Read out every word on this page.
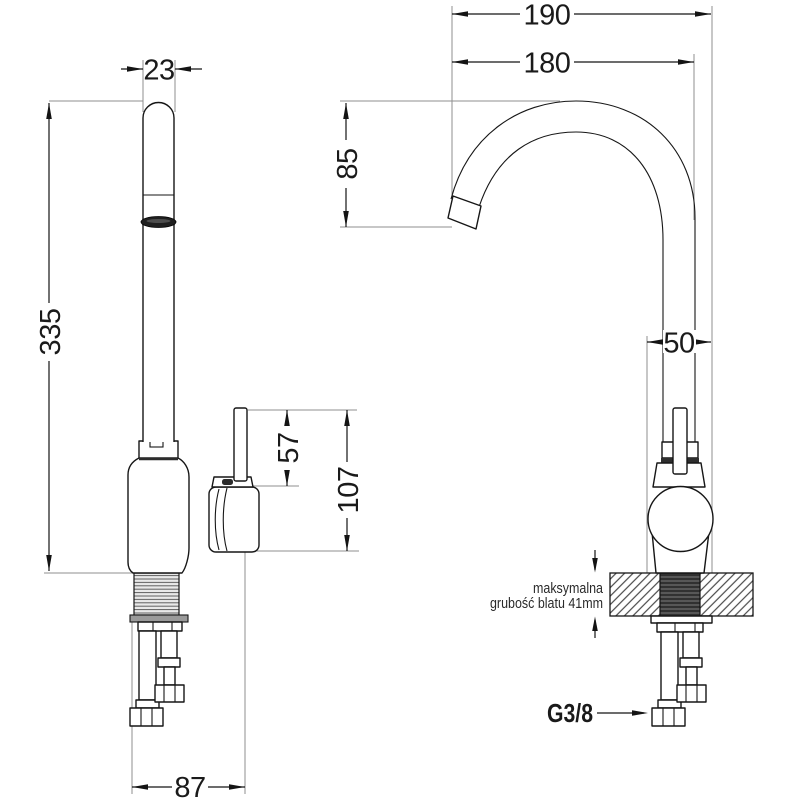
23
335
57
107
87
190
180
85
50
maksymalna
grubość blatu 41mm
G3/8
